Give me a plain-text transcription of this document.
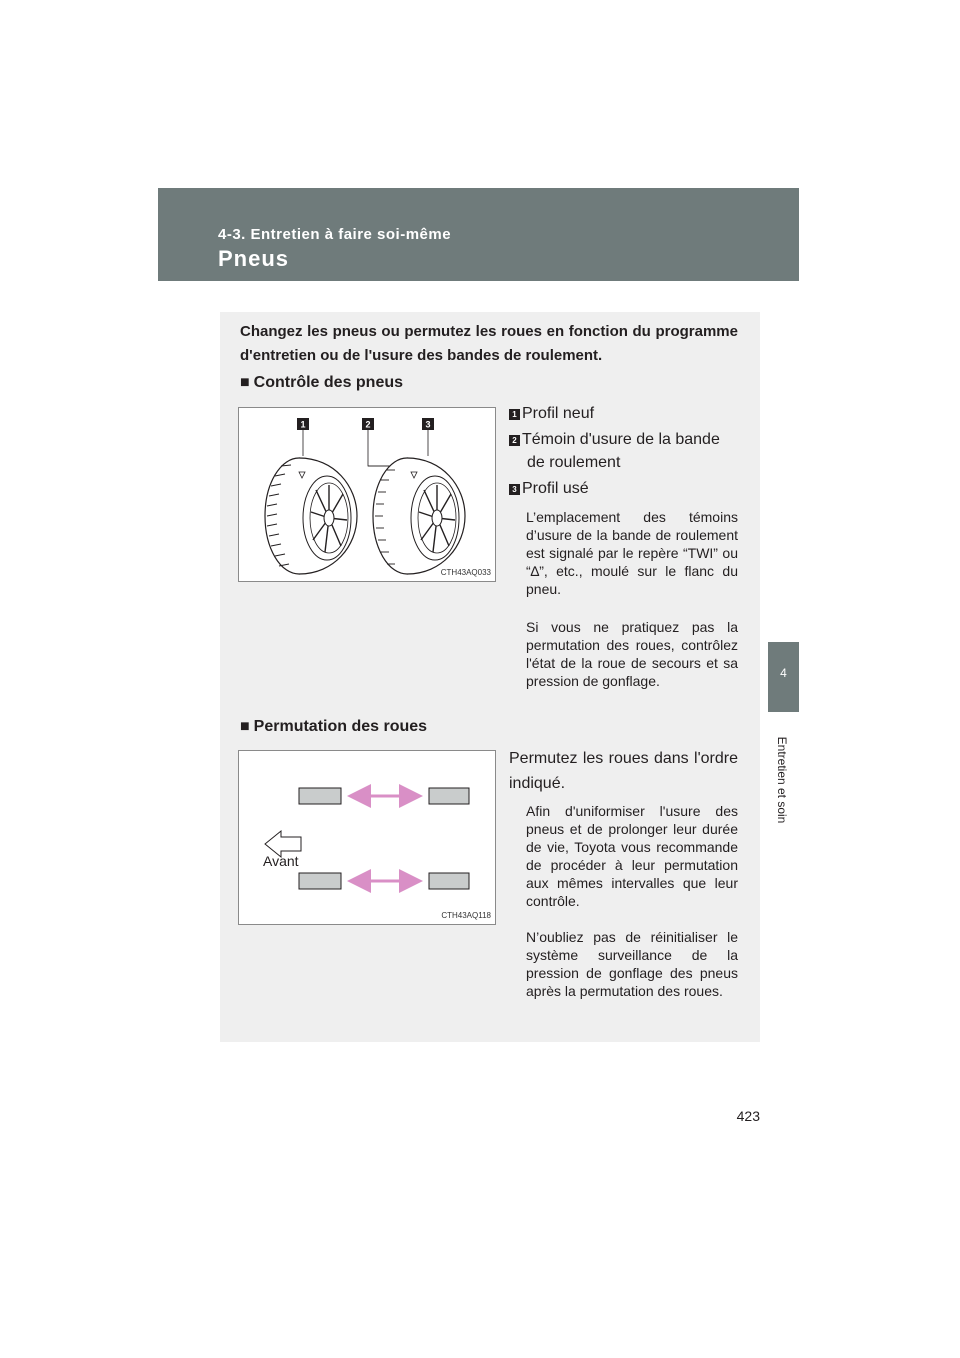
4-3. Entretien à faire soi-même
Pneus
4
Entretien et soin
Changez les pneus ou permutez les roues en fonction du programme d'entretien ou de l'usure des bandes de roulement.
■ Contrôle des pneus
1	2	3
CTH43AQ033
1 Profil neuf
2 Témoin d'usure de la bande
de roulement
3 Profil usé
L’emplacement des témoins d’usure de la bande de roulement est signalé par le repère “TWI” ou “∆”, etc., moulé sur le flanc du pneu.
Si vous ne pratiquez pas la permutation des roues, contrôlez l'état de la roue de secours et sa pression de gonflage.
■ Permutation des roues
Avant
CTH43AQ118
Permutez les roues dans l'ordre indiqué.
Afin d'uniformiser l'usure des pneus et de prolonger leur durée de vie, Toyota vous recommande de procéder à leur permutation aux mêmes intervalles que leur contrôle.
N’oubliez pas de réinitialiser le système surveillance de la pression de gonflage des pneus après la permutation des roues.
423
